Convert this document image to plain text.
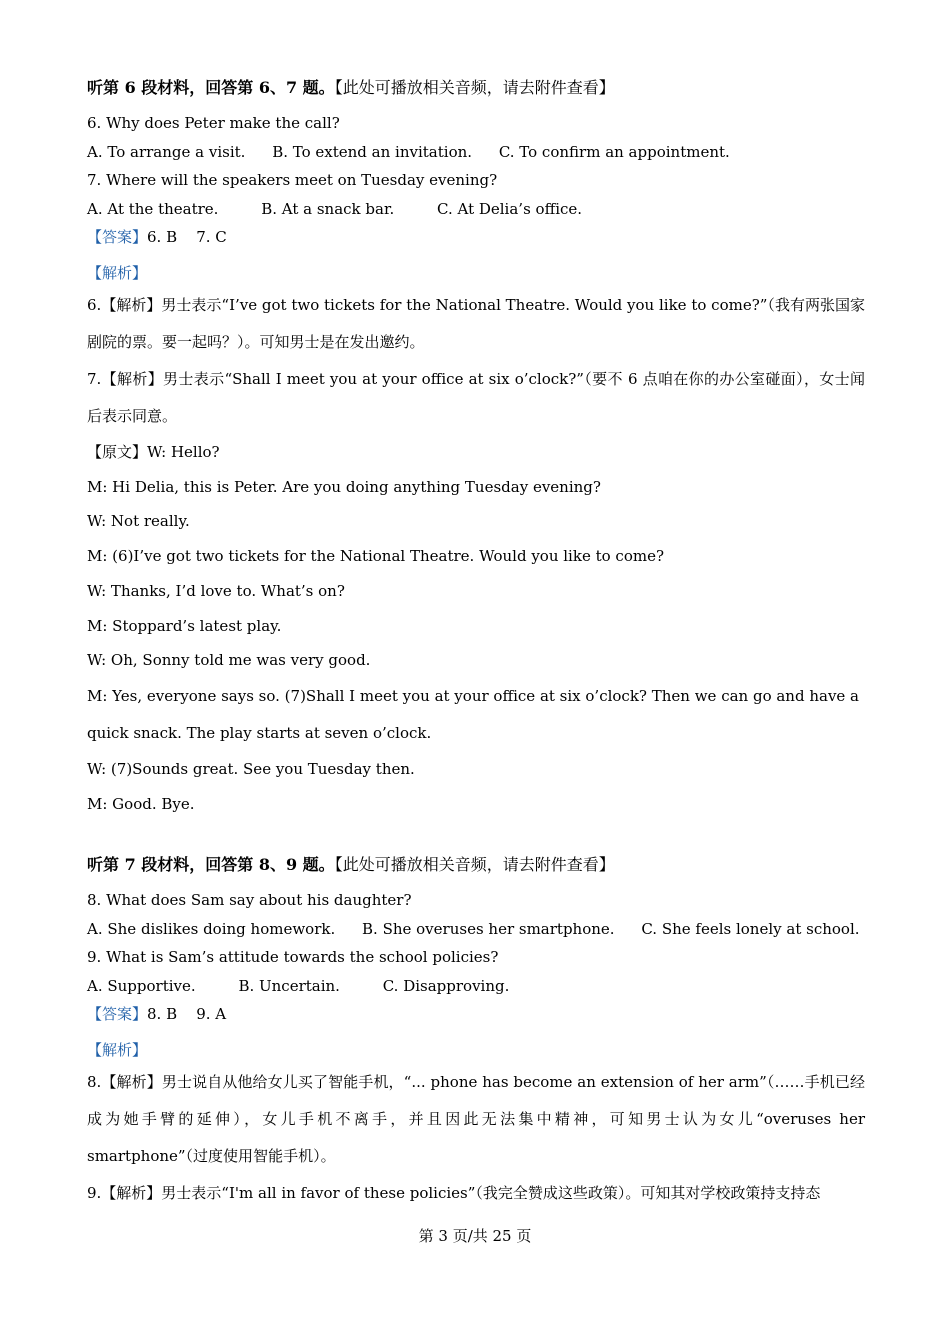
听第 6 段材料，回答第 6、7 题。【此处可播放相关音频，请去附件查看】
6. Why does Peter make the call?
A. To arrange a visit. B. To extend an invitation. C. To confirm an appointment.
7. Where will the speakers meet on Tuesday evening?
A. At the theatre.	B. At a snack bar.	C. At Delia’s office.
【答案】6. B    7. C
【解析】
6.【解析】男士表示“I’ve got two tickets for the National Theatre. Would you like to come?”（我有两张国家剧院的票。要一起吗？）。可知男士是在发出邀约。
7.【解析】男士表示“Shall I meet you at your office at six o’clock?”（要不 6 点咱在你的办公室碰面），女士闻后表示同意。
【原文】W: Hello?
M: Hi Delia, this is Peter. Are you doing anything Tuesday evening?
W: Not really.
M: (6)I’ve got two tickets for the National Theatre. Would you like to come?
W: Thanks, I’d love to. What’s on?
M: Stoppard’s latest play.
W: Oh, Sonny told me was very good.
M: Yes, everyone says so. (7)Shall I meet you at your office at six o’clock? Then we can go and have a quick snack. The play starts at seven o’clock.
W: (7)Sounds great. See you Tuesday then.
M: Good. Bye.
听第 7 段材料，回答第 8、9 题。【此处可播放相关音频，请去附件查看】
8. What does Sam say about his daughter?
A. She dislikes doing homework. B. She overuses her smartphone. C. She feels lonely at school.
9. What is Sam’s attitude towards the school policies?
A. Supportive.	B. Uncertain.	C. Disapproving.
【答案】8. B    9. A
【解析】
8.【解析】男士说自从他给女儿买了智能手机，“... phone has become an extension of her arm”（……手机已经成为她手臂的延伸），女儿手机不离手，并且因此无法集中精神，可知男士认为女儿“overuses her smartphone”（过度使用智能手机）。
9.【解析】男士表示“I'm all in favor of these policies”（我完全赞成这些政策）。可知其对学校政策持支持态
第 3 页/共 25 页
